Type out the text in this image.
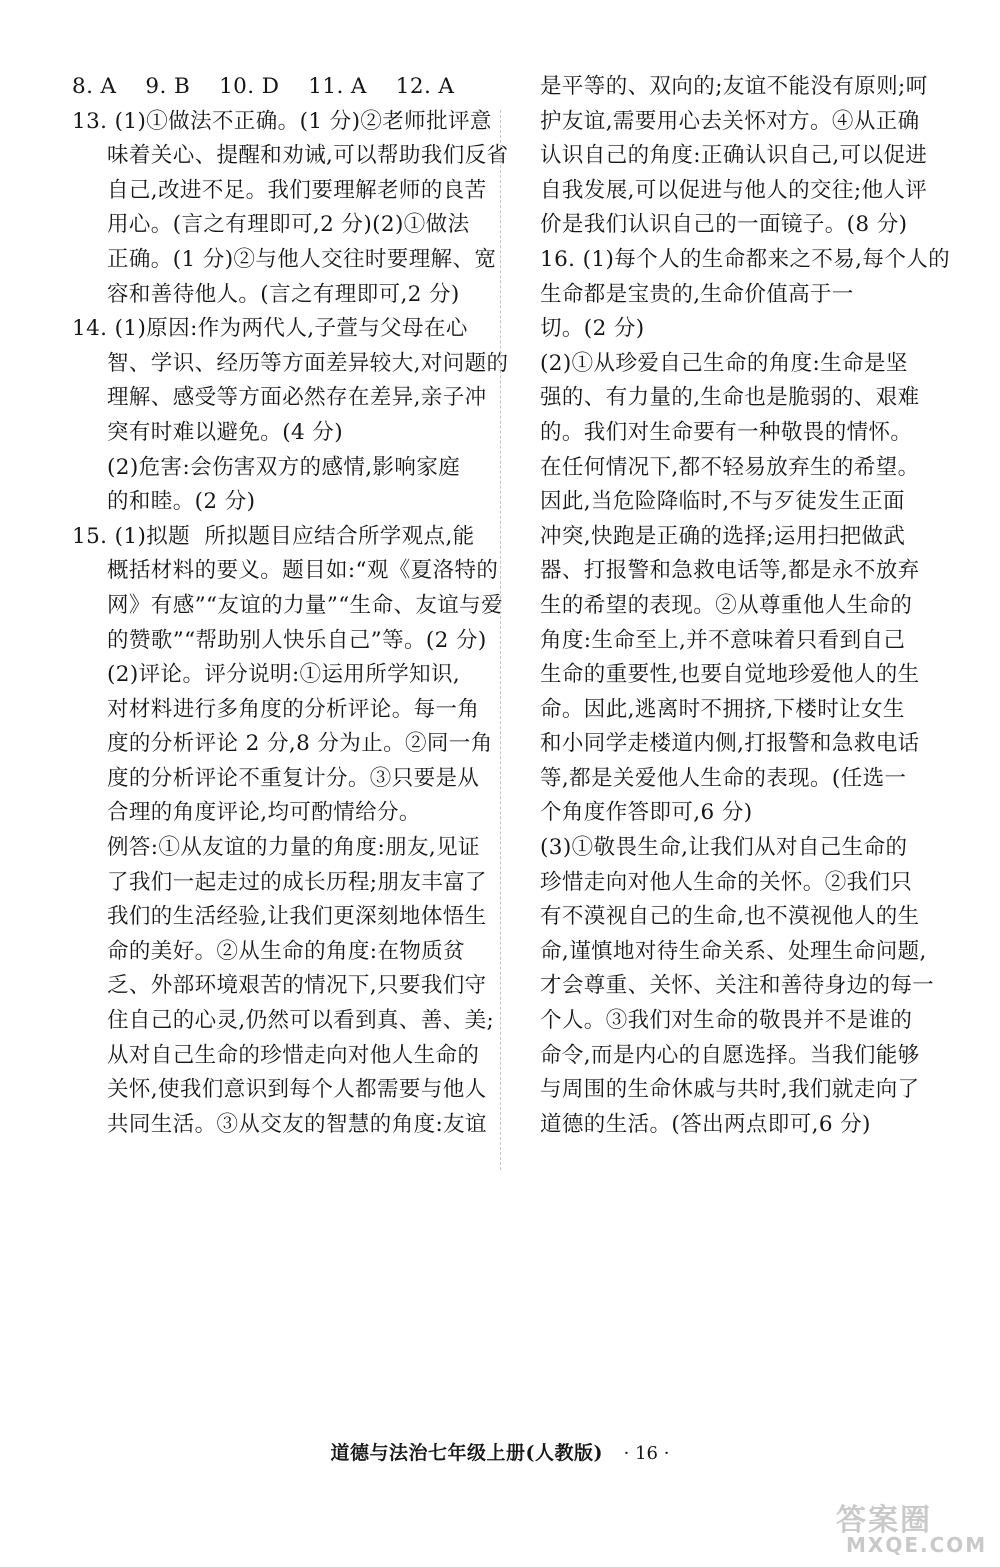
8. A    9. B    10. D    11. A    12. A
13. (1)①做法不正确。(1 分)②老师批评意
味着关心、提醒和劝诫,可以帮助我们反省
自己,改进不足。我们要理解老师的良苦
用心。(言之有理即可,2 分)(2)①做法
正确。(1 分)②与他人交往时要理解、宽
容和善待他人。(言之有理即可,2 分)
14. (1)原因:作为两代人,子萱与父母在心
智、学识、经历等方面差异较大,对问题的
理解、感受等方面必然存在差异,亲子冲
突有时难以避免。(4 分)
(2)危害:会伤害双方的感情,影响家庭
的和睦。(2 分)
15. (1)拟题  所拟题目应结合所学观点,能
概括材料的要义。题目如:“观《夏洛特的
网》有感”“友谊的力量”“生命、友谊与爱
的赞歌”“帮助别人快乐自己”等。(2 分)
(2)评论。评分说明:①运用所学知识,
对材料进行多角度的分析评论。每一角
度的分析评论 2 分,8 分为止。②同一角
度的分析评论不重复计分。③只要是从
合理的角度评论,均可酌情给分。
例答:①从友谊的力量的角度:朋友,见证
了我们一起走过的成长历程;朋友丰富了
我们的生活经验,让我们更深刻地体悟生
命的美好。②从生命的角度:在物质贫
乏、外部环境艰苦的情况下,只要我们守
住自己的心灵,仍然可以看到真、善、美;
从对自己生命的珍惜走向对他人生命的
关怀,使我们意识到每个人都需要与他人
共同生活。③从交友的智慧的角度:友谊
是平等的、双向的;友谊不能没有原则;呵
护友谊,需要用心去关怀对方。④从正确
认识自己的角度:正确认识自己,可以促进
自我发展,可以促进与他人的交往;他人评
价是我们认识自己的一面镜子。(8 分)
16. (1)每个人的生命都来之不易,每个人的
生命都是宝贵的,生命价值高于一
切。(2 分)
(2)①从珍爱自己生命的角度:生命是坚
强的、有力量的,生命也是脆弱的、艰难
的。我们对生命要有一种敬畏的情怀。
在任何情况下,都不轻易放弃生的希望。
因此,当危险降临时,不与歹徒发生正面
冲突,快跑是正确的选择;运用扫把做武
器、打报警和急救电话等,都是永不放弃
生的希望的表现。②从尊重他人生命的
角度:生命至上,并不意味着只看到自己
生命的重要性,也要自觉地珍爱他人的生
命。因此,逃离时不拥挤,下楼时让女生
和小同学走楼道内侧,打报警和急救电话
等,都是关爱他人生命的表现。(任选一
个角度作答即可,6 分)
(3)①敬畏生命,让我们从对自己生命的
珍惜走向对他人生命的关怀。②我们只
有不漠视自己的生命,也不漠视他人的生
命,谨慎地对待生命关系、处理生命问题,
才会尊重、关怀、关注和善待身边的每一
个人。③我们对生命的敬畏并不是谁的
命令,而是内心的自愿选择。当我们能够
与周围的生命休戚与共时,我们就走向了
道德的生活。(答出两点即可,6 分)
道德与法治七年级上册(人教版) · 16 ·
答案圈
MXQE.COM
